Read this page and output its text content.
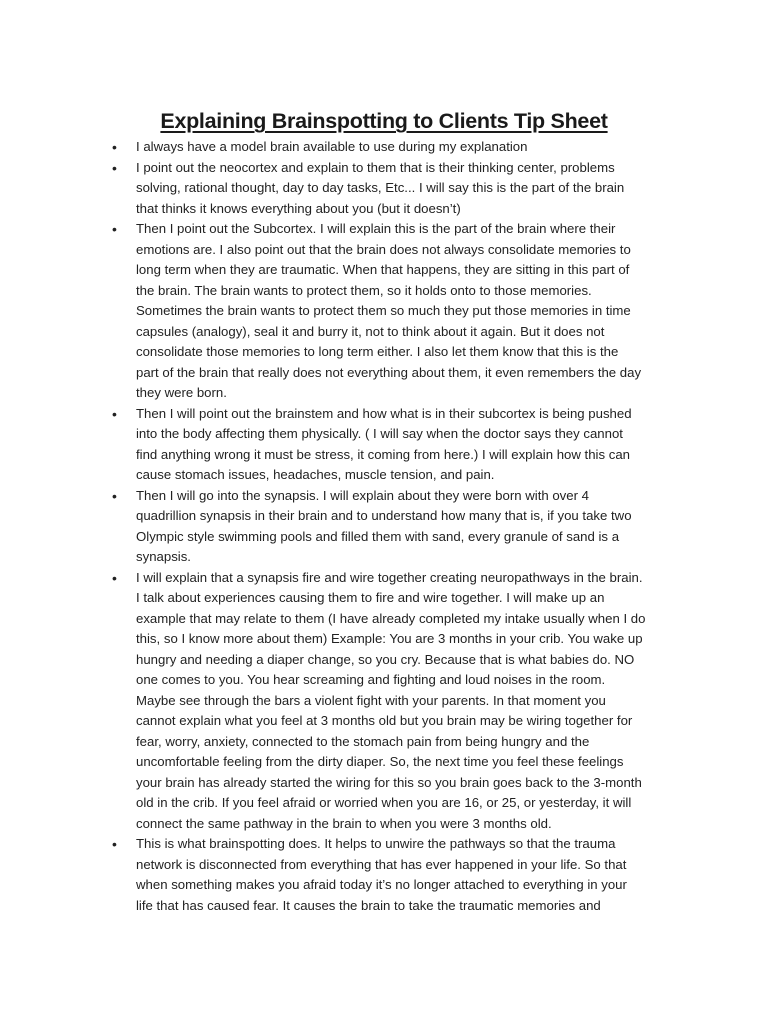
Explaining Brainspotting to Clients Tip Sheet
• I always have a model brain available to use during my explanation
• I point out the neocortex and explain to them that is their thinking center, problems
solving, rational thought, day to day tasks, Etc... I will say this is the part of the brain
that thinks it knows everything about you (but it doesn’t)
• Then I point out the Subcortex. I will explain this is the part of the brain where their
emotions are. I also point out that the brain does not always consolidate memories to
long term when they are traumatic. When that happens, they are sitting in this part of
the brain. The brain wants to protect them, so it holds onto to those memories.
Sometimes the brain wants to protect them so much they put those memories in time
capsules (analogy), seal it and burry it, not to think about it again. But it does not
consolidate those memories to long term either. I also let them know that this is the
part of the brain that really does not everything about them, it even remembers the day
they were born.
• Then I will point out the brainstem and how what is in their subcortex is being pushed
into the body affecting them physically. ( I will say when the doctor says they cannot
find anything wrong it must be stress, it coming from here.) I will explain how this can
cause stomach issues, headaches, muscle tension, and pain.
• Then I will go into the synapsis. I will explain about they were born with over 4
quadrillion synapsis in their brain and to understand how many that is, if you take two
Olympic style swimming pools and filled them with sand, every granule of sand is a
synapsis.
• I will explain that a synapsis fire and wire together creating neuropathways in the brain.
I talk about experiences causing them to fire and wire together. I will make up an
example that may relate to them (I have already completed my intake usually when I do
this, so I know more about them) Example: You are 3 months in your crib. You wake up
hungry and needing a diaper change, so you cry. Because that is what babies do. NO
one comes to you. You hear screaming and fighting and loud noises in the room.
Maybe see through the bars a violent fight with your parents. In that moment you
cannot explain what you feel at 3 months old but you brain may be wiring together for
fear, worry, anxiety, connected to the stomach pain from being hungry and the
uncomfortable feeling from the dirty diaper. So, the next time you feel these feelings
your brain has already started the wiring for this so you brain goes back to the 3-month
old in the crib. If you feel afraid or worried when you are 16, or 25, or yesterday, it will
connect the same pathway in the brain to when you were 3 months old.
• This is what brainspotting does. It helps to unwire the pathways so that the trauma
network is disconnected from everything that has ever happened in your life. So that
when something makes you afraid today it’s no longer attached to everything in your
life that has caused fear. It causes the brain to take the traumatic memories and
